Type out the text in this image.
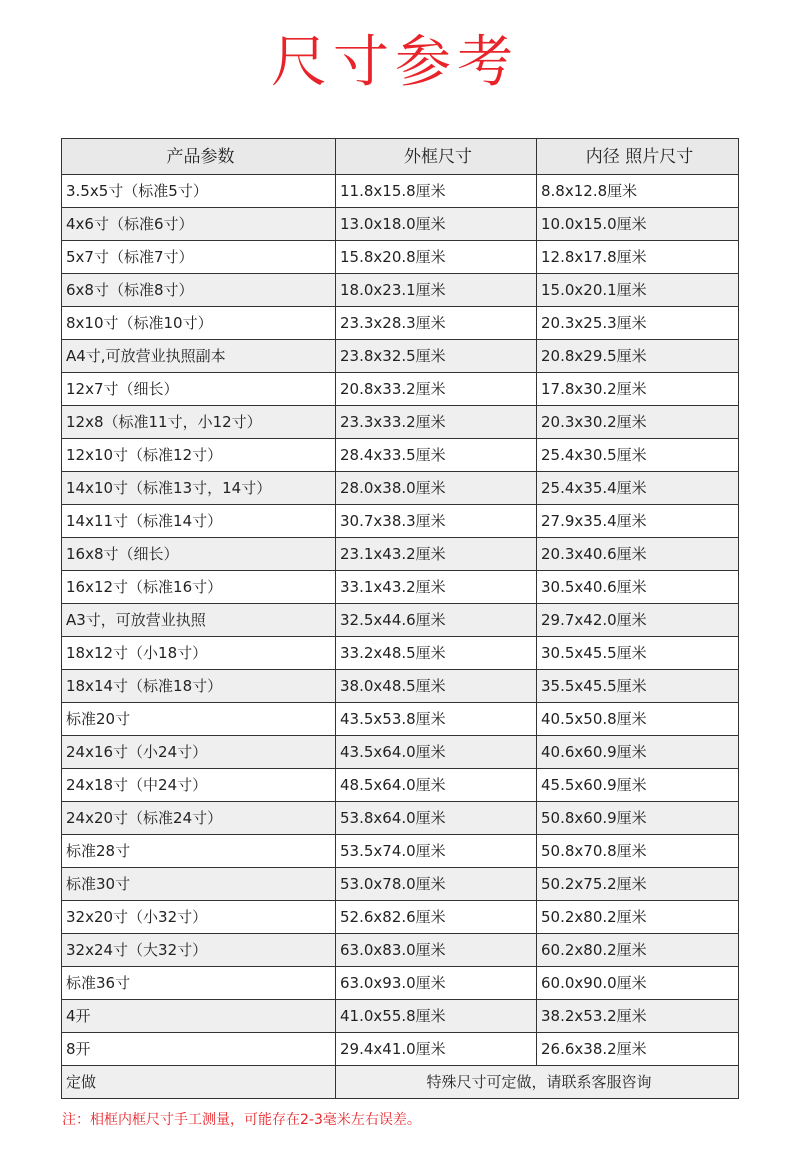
尺寸参考
产品参数	外框尺寸	内径 照片尺寸
3.5x5寸（标准5寸）	11.8x15.8厘米	8.8x12.8厘米
4x6寸（标准6寸）	13.0x18.0厘米	10.0x15.0厘米
5x7寸（标准7寸）	15.8x20.8厘米	12.8x17.8厘米
6x8寸（标准8寸）	18.0x23.1厘米	15.0x20.1厘米
8x10寸（标准10寸）	23.3x28.3厘米	20.3x25.3厘米
A4寸,可放营业执照副本	23.8x32.5厘米	20.8x29.5厘米
12x7寸（细长）	20.8x33.2厘米	17.8x30.2厘米
12x8（标准11寸，小12寸）	23.3x33.2厘米	20.3x30.2厘米
12x10寸（标准12寸）	28.4x33.5厘米	25.4x30.5厘米
14x10寸（标准13寸，14寸）	28.0x38.0厘米	25.4x35.4厘米
14x11寸（标准14寸）	30.7x38.3厘米	27.9x35.4厘米
16x8寸（细长）	23.1x43.2厘米	20.3x40.6厘米
16x12寸（标准16寸）	33.1x43.2厘米	30.5x40.6厘米
A3寸，可放营业执照	32.5x44.6厘米	29.7x42.0厘米
18x12寸（小18寸）	33.2x48.5厘米	30.5x45.5厘米
18x14寸（标准18寸）	38.0x48.5厘米	35.5x45.5厘米
标准20寸	43.5x53.8厘米	40.5x50.8厘米
24x16寸（小24寸）	43.5x64.0厘米	40.6x60.9厘米
24x18寸（中24寸）	48.5x64.0厘米	45.5x60.9厘米
24x20寸（标准24寸）	53.8x64.0厘米	50.8x60.9厘米
标准28寸	53.5x74.0厘米	50.8x70.8厘米
标准30寸	53.0x78.0厘米	50.2x75.2厘米
32x20寸（小32寸）	52.6x82.6厘米	50.2x80.2厘米
32x24寸（大32寸）	63.0x83.0厘米	60.2x80.2厘米
标准36寸	63.0x93.0厘米	60.0x90.0厘米
4开	41.0x55.8厘米	38.2x53.2厘米
8开	29.4x41.0厘米	26.6x38.2厘米
定做	特殊尺寸可定做，请联系客服咨询	
注：相框内框尺寸手工测量，可能存在2-3毫米左右误差。
